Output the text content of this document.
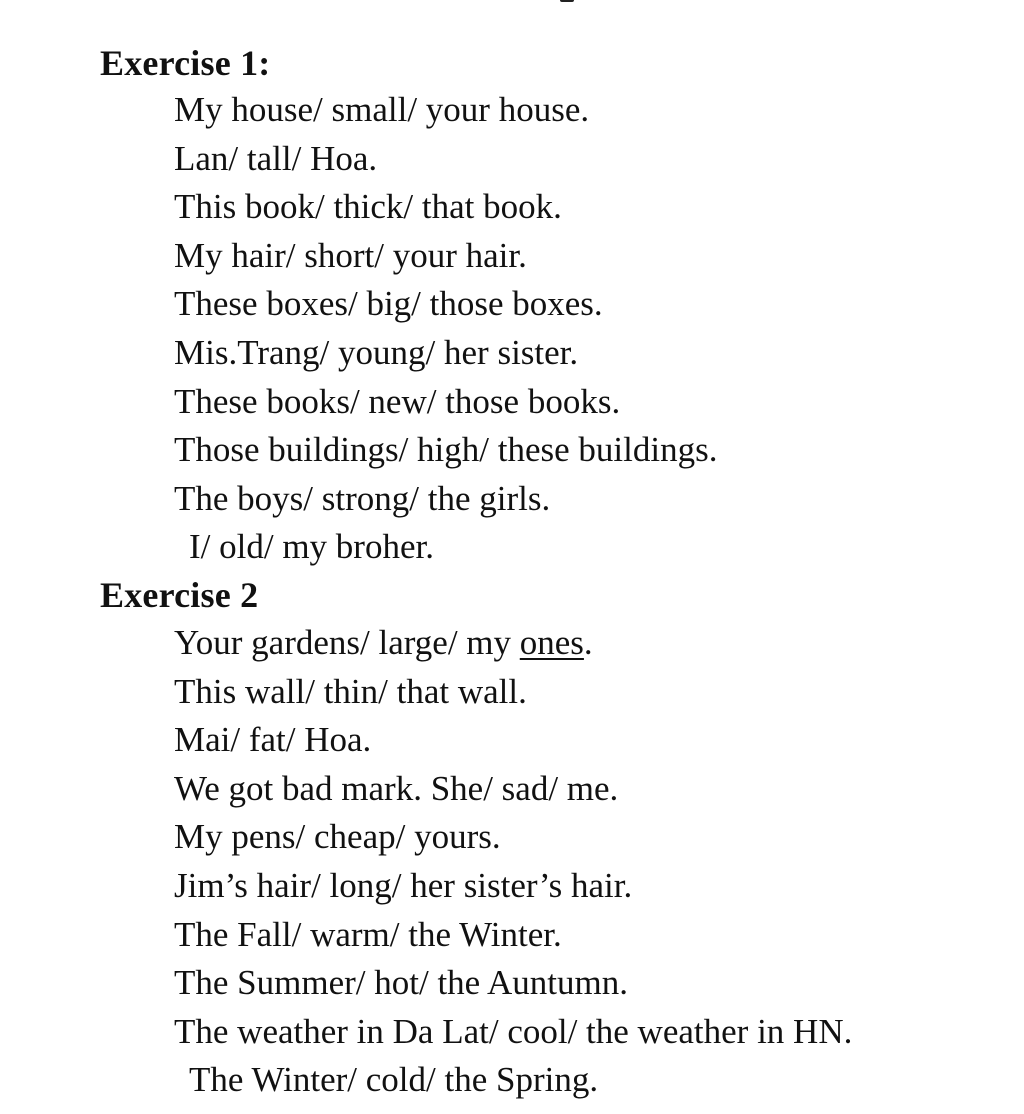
Exercise 1:
My house/ small/ your house.
Lan/ tall/ Hoa.
This book/ thick/ that book.
My hair/ short/ your hair.
These boxes/ big/ those boxes.
Mis.Trang/ young/ her sister.
These books/ new/ those books.
Those buildings/ high/ these buildings.
The boys/ strong/ the girls.
I/ old/ my broher.
Exercise 2
Your gardens/ large/ my ones.
This wall/ thin/ that wall.
Mai/ fat/ Hoa.
We got bad mark. She/ sad/ me.
My pens/ cheap/ yours.
Jim’s hair/ long/ her sister’s hair.
The Fall/ warm/ the Winter.
The Summer/ hot/ the Auntumn.
The weather in Da Lat/ cool/ the weather in HN.
The Winter/ cold/ the Spring.
